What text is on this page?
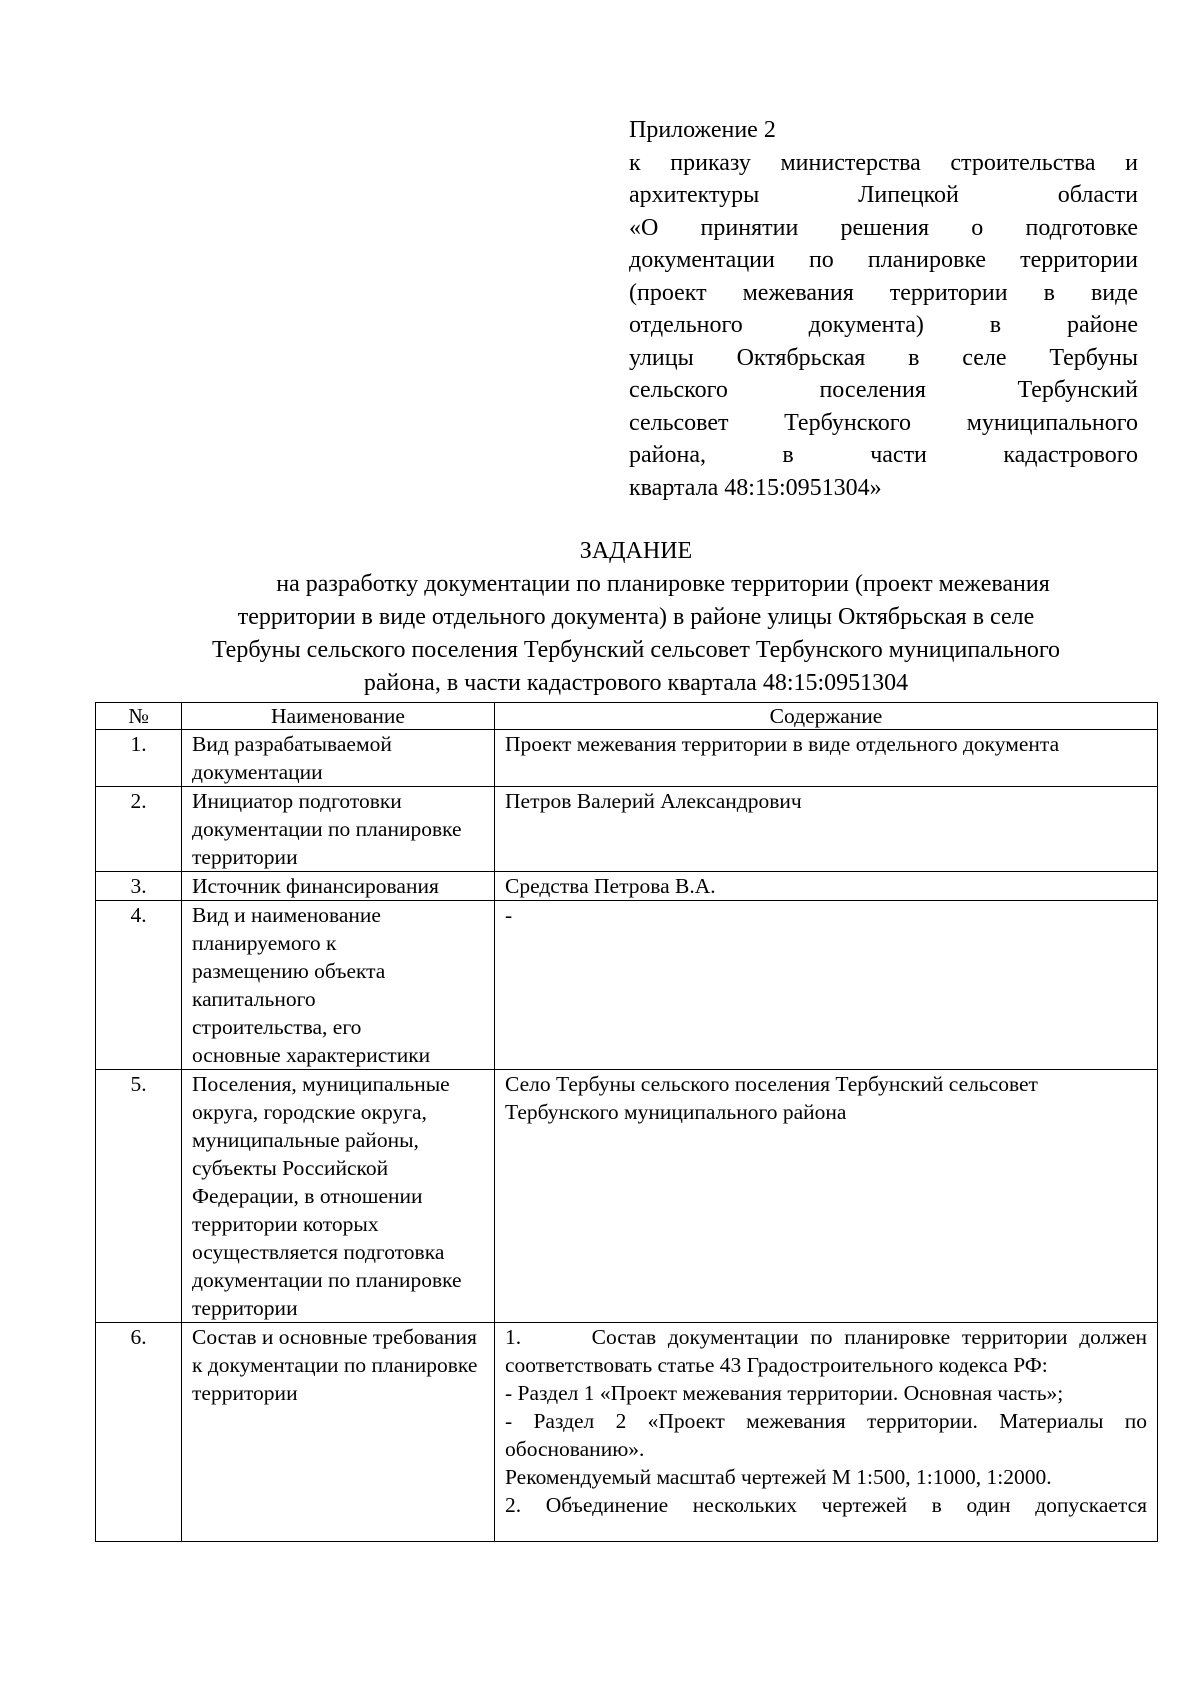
Приложение 2
к приказу министерства строительства и
архитектуры Липецкой области
«О принятии решения о подготовке
документации по планировке территории
(проект межевания территории в виде
отдельного документа) в районе
улицы Октябрьская в селе Тербуны
сельского поселения Тербунский
сельсовет Тербунского муниципального
района, в части кадастрового
квартала 48:15:0951304»
ЗАДАНИЕ
на разработку документации по планировке территории (проект межевания
территории в виде отдельного документа) в районе улицы Октябрьская в селе
Тербуны сельского поселения Тербунский сельсовет Тербунского муниципального
района, в части кадастрового квартала 48:15:0951304
№	Наименование	Содержание
1.	Вид разрабатываемой документации	Проект межевания территории в виде отдельного документа

2.	Инициатор подготовки документации по планировке территории	Петров Валерий Александрович

3.	Источник финансирования	Средства Петрова В.А.

4.	Вид и наименование планируемого к размещению объекта капитального строительства, его основные характеристики	-

5.	Поселения, муниципальные округа, городские округа, муниципальные районы, субъекты Российской Федерации, в отношении территории которых осуществляется подготовка документации по планировке территории	Село Тербуны сельского поселения Тербунский сельсовет Тербунского муниципального района

6.	Состав и основные требования к документации по планировке территории	1.      Состав документации по планировке территории должен соответствовать статье 43 Градостроительного кодекса РФ:
- Раздел 1 «Проект межевания территории. Основная часть»;
- Раздел 2 «Проект межевания территории. Материалы по обоснованию».
Рекомендуемый масштаб чертежей М 1:500, 1:1000, 1:2000.
2. Объединение нескольких чертежей в один допускается
